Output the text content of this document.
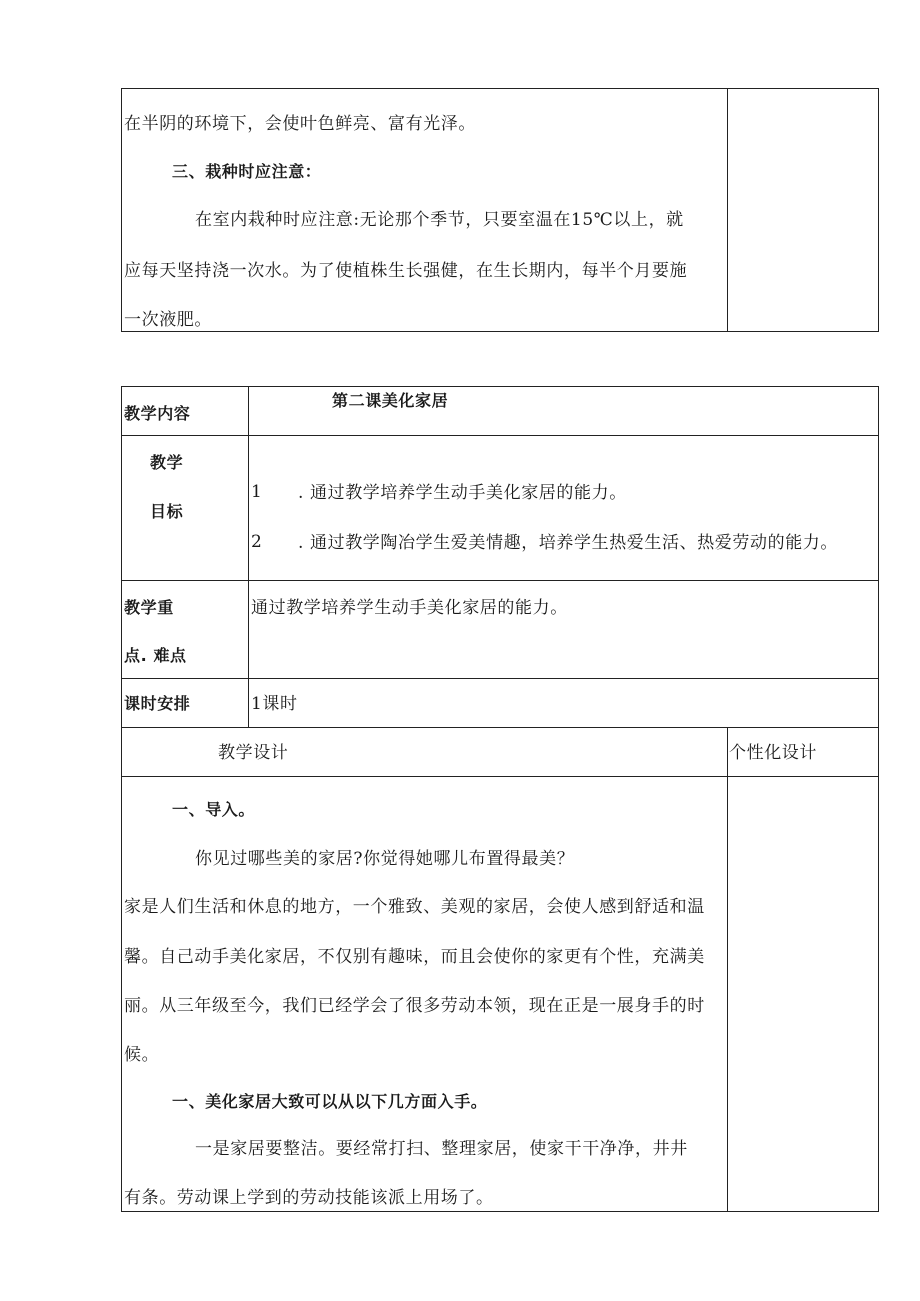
在半阴的环境下，会使叶色鲜亮、富有光泽。
三、栽种时应注意：
在室内栽种时应注意:无论那个季节，只要室温在15℃以上，就
应每天坚持浇一次水。为了使植株生长强健，在生长期内，每半个月要施
一次液肥。
教学内容
第二课美化家居
教学
目标
1 . 通过教学培养学生动手美化家居的能力。
2 . 通过教学陶冶学生爱美情趣，培养学生热爱生活、热爱劳动的能力。
教学重
点. 难点
通过教学培养学生动手美化家居的能力。
课时安排	1课时
教学设计	个性化设计
一、导入。
你见过哪些美的家居?你觉得她哪儿布置得最美？
家是人们生活和休息的地方，一个雅致、美观的家居，会使人感到舒适和温
馨。自己动手美化家居，不仅别有趣味，而且会使你的家更有个性，充满美
丽。从三年级至今，我们已经学会了很多劳动本领，现在正是一展身手的时
候。
一、美化家居大致可以从以下几方面入手。
一是家居要整洁。要经常打扫、整理家居，使家干干净净，井井
有条。劳动课上学到的劳动技能该派上用场了。
